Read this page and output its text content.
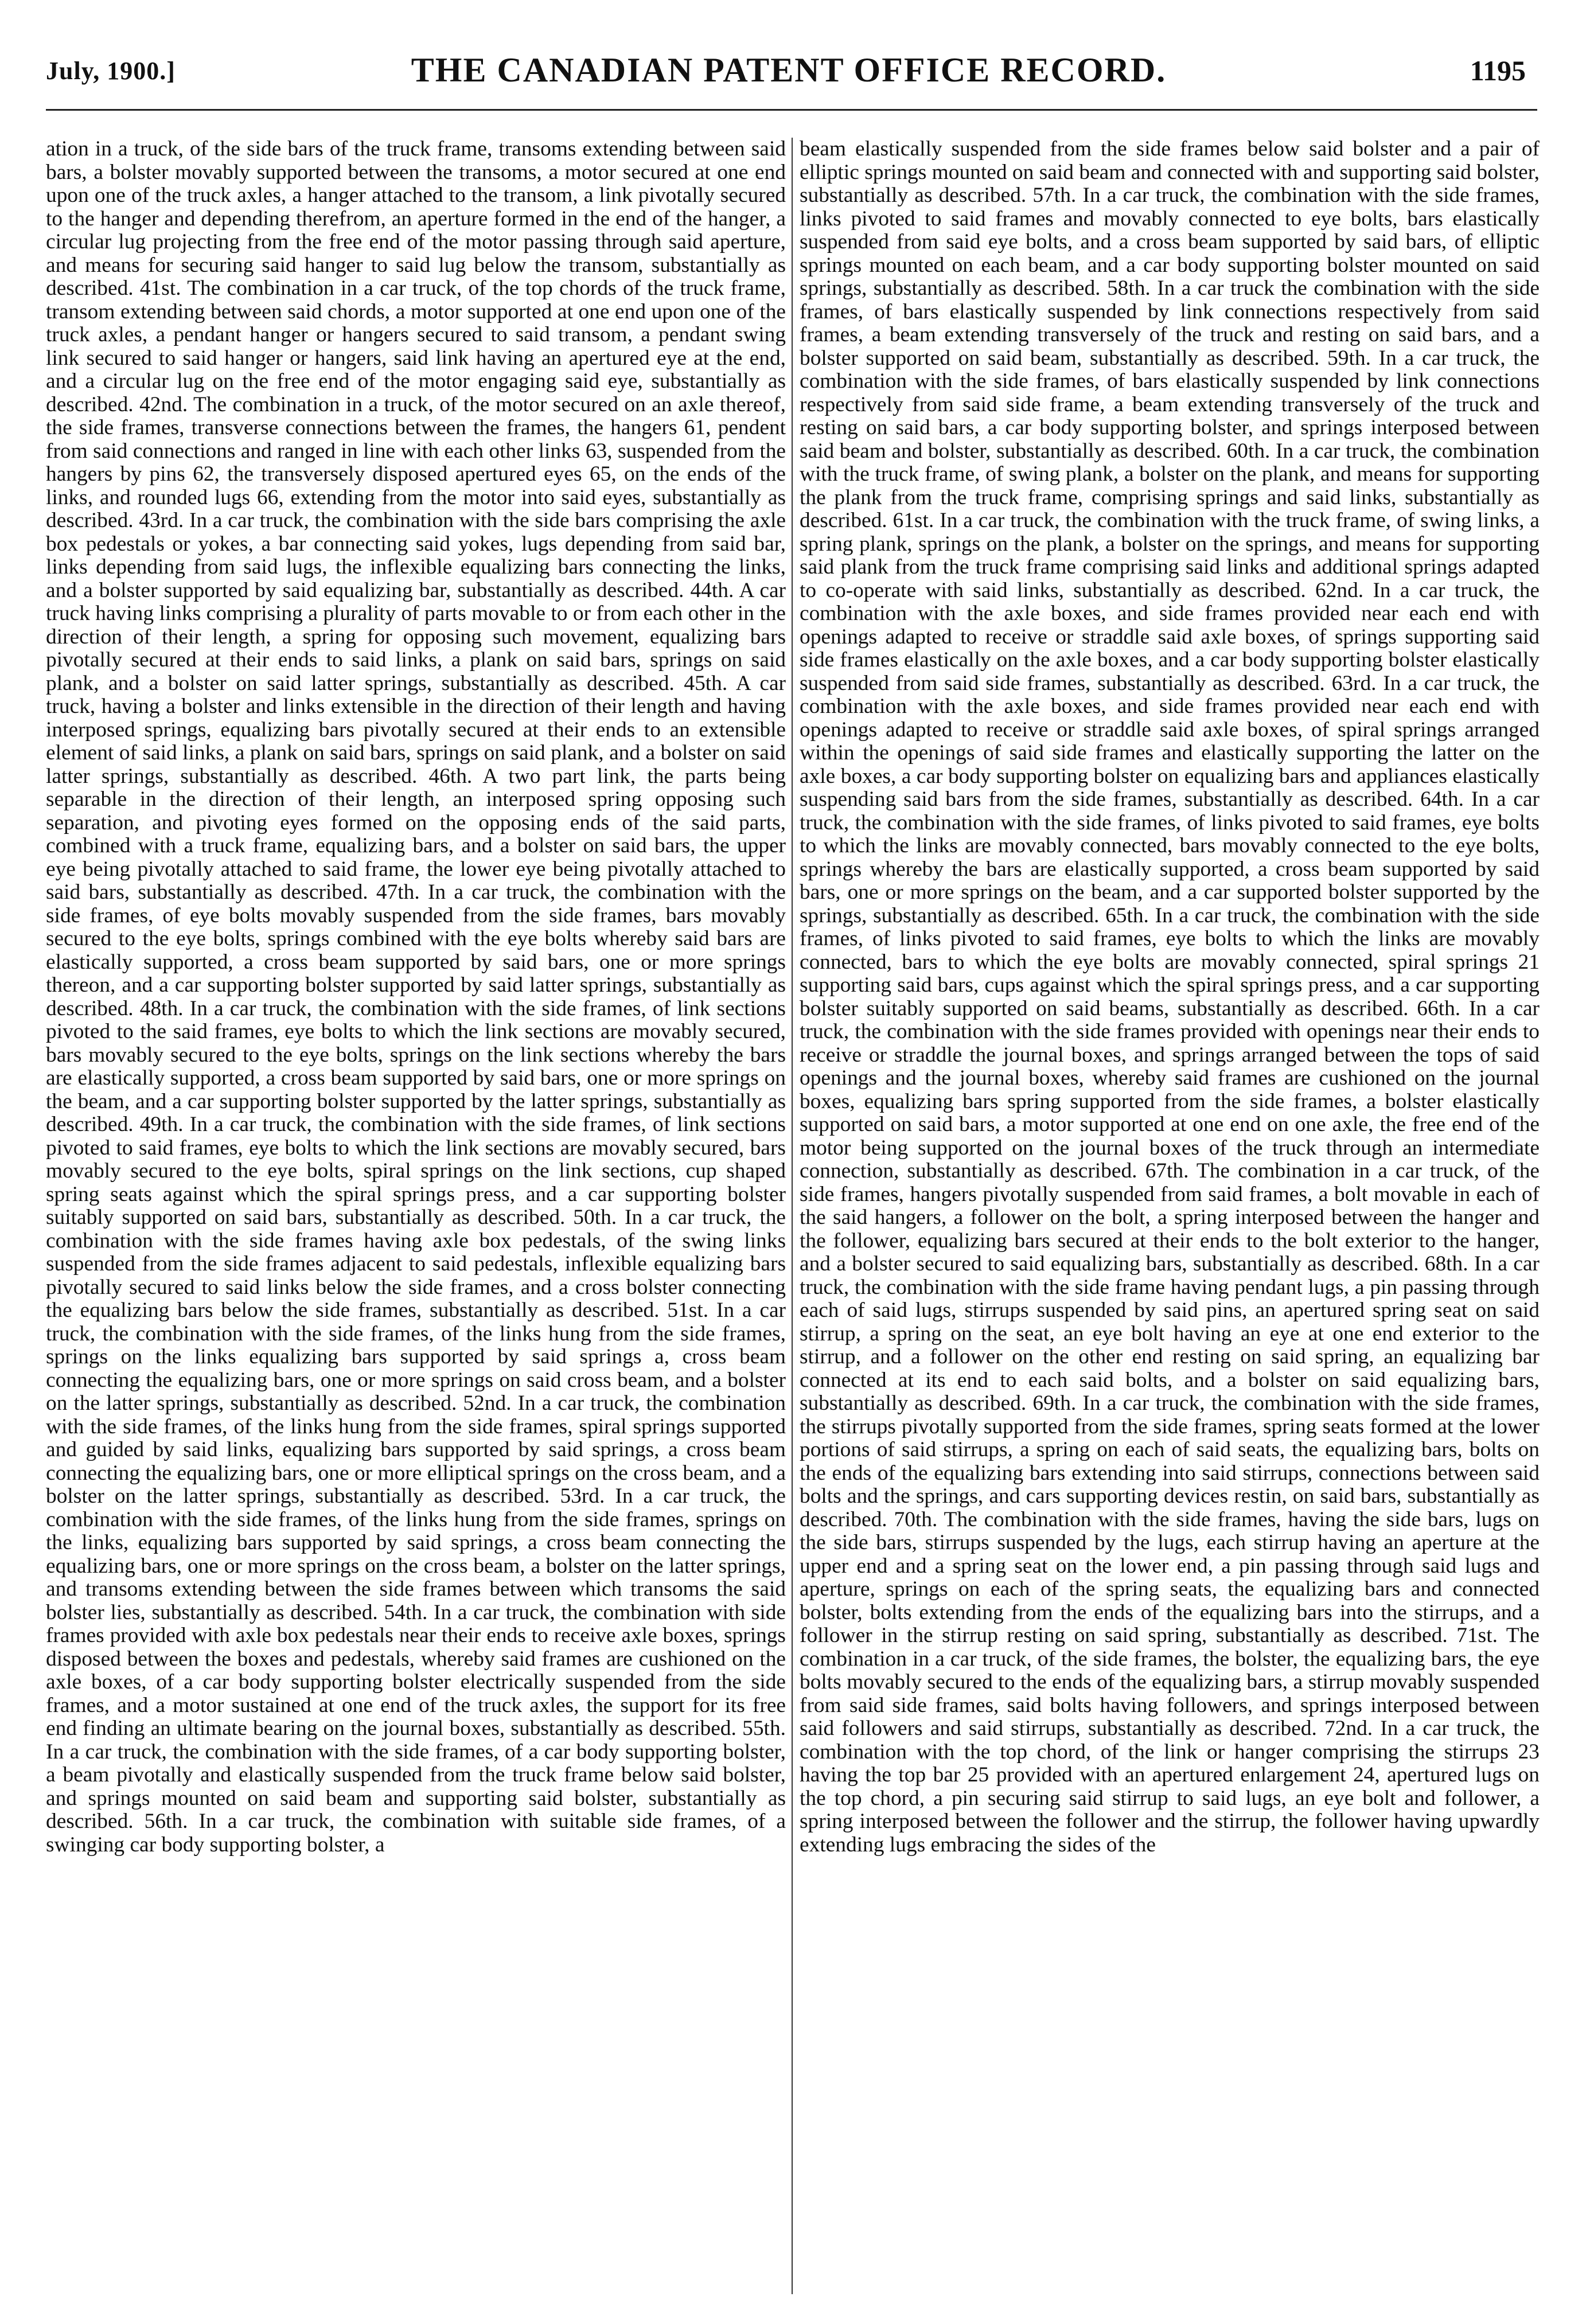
July, 1900.]	THE CANADIAN PATENT OFFICE RECORD.	1195

ation in a truck, of the side bars of the truck frame, transoms extending between said bars, a bolster movably supported between the transoms, a motor secured at one end upon one of the truck axles, a hanger attached to the transom, a link pivotally secured to the hanger and depending therefrom, an aperture formed in the end of the hanger, a circular lug projecting from the free end of the motor passing through said aperture, and means for securing said hanger to said lug below the transom, substantially as described. 41st. The combination in a car truck, of the top chords of the truck frame, transom extending between said chords, a motor supported at one end upon one of the truck axles, a pendant hanger or hangers secured to said transom, a pendant swing link secured to said hanger or hangers, said link having an apertured eye at the end, and a circular lug on the free end of the motor engaging said eye, substantially as described. 42nd. The combination in a truck, of the motor secured on an axle thereof, the side frames, transverse connections between the frames, the hangers 61, pendent from said connections and ranged in line with each other links 63, suspended from the hangers by pins 62, the transversely disposed apertured eyes 65, on the ends of the links, and rounded lugs 66, extending from the motor into said eyes, substantially as described. 43rd. In a car truck, the combination with the side bars comprising the axle box pedestals or yokes, a bar connecting said yokes, lugs depending from said bar, links depending from said lugs, the inflexible equalizing bars connecting the links, and a bolster supported by said equalizing bar, substantially as described. 44th. A car truck having links comprising a plurality of parts movable to or from each other in the direction of their length, a spring for opposing such movement, equalizing bars pivotally secured at their ends to said links, a plank on said bars, springs on said plank, and a bolster on said latter springs, substantially as described. 45th. A car truck, having a bolster and links extensible in the direction of their length and having interposed springs, equalizing bars pivotally secured at their ends to an extensible element of said links, a plank on said bars, springs on said plank, and a bolster on said latter springs, substantially as described. 46th. A two part link, the parts being separable in the direction of their length, an interposed spring opposing such separation, and pivoting eyes formed on the opposing ends of the said parts, combined with a truck frame, equalizing bars, and a bolster on said bars, the upper eye being pivotally attached to said frame, the lower eye being pivotally attached to said bars, substantially as described. 47th. In a car truck, the combination with the side frames, of eye bolts movably suspended from the side frames, bars movably secured to the eye bolts, springs combined with the eye bolts whereby said bars are elastically supported, a cross beam supported by said bars, one or more springs thereon, and a car supporting bolster supported by said latter springs, substantially as described. 48th. In a car truck, the combination with the side frames, of link sections pivoted to the said frames, eye bolts to which the link sections are movably secured, bars movably secured to the eye bolts, springs on the link sections whereby the bars are elastically supported, a cross beam supported by said bars, one or more springs on the beam, and a car supporting bolster supported by the latter springs, substantially as described. 49th. In a car truck, the combination with the side frames, of link sections pivoted to said frames, eye bolts to which the link sections are movably secured, bars movably secured to the eye bolts, spiral springs on the link sections, cup shaped spring seats against which the spiral springs press, and a car supporting bolster suitably supported on said bars, substantially as described. 50th. In a car truck, the combination with the side frames having axle box pedestals, of the swing links suspended from the side frames adjacent to said pedestals, inflexible equalizing bars pivotally secured to said links below the side frames, and a cross bolster connecting the equalizing bars below the side frames, substantially as described. 51st. In a car truck, the combination with the side frames, of the links hung from the side frames, springs on the links equalizing bars supported by said springs a, cross beam connecting the equalizing bars, one or more springs on said cross beam, and a bolster on the latter springs, substantially as described. 52nd. In a car truck, the combination with the side frames, of the links hung from the side frames, spiral springs supported and guided by said links, equalizing bars supported by said springs, a cross beam connecting the equalizing bars, one or more elliptical springs on the cross beam, and a bolster on the latter springs, substantially as described. 53rd. In a car truck, the combination with the side frames, of the links hung from the side frames, springs on the links, equalizing bars supported by said springs, a cross beam connecting the equalizing bars, one or more springs on the cross beam, a bolster on the latter springs, and transoms extending between the side frames between which transoms the said bolster lies, substantially as described. 54th. In a car truck, the combination with side frames provided with axle box pedestals near their ends to receive axle boxes, springs disposed between the boxes and pedestals, whereby said frames are cushioned on the axle boxes, of a car body supporting bolster electrically suspended from the side frames, and a motor sustained at one end of the truck axles, the support for its free end finding an ultimate bearing on the journal boxes, substantially as described. 55th. In a car truck, the combination with the side frames, of a car body supporting bolster, a beam pivotally and elastically suspended from the truck frame below said bolster, and springs mounted on said beam and supporting said bolster, substantially as described. 56th. In a car truck, the combination with suitable side frames, of a swinging car body supporting bolster, a

beam elastically suspended from the side frames below said bolster and a pair of elliptic springs mounted on said beam and connected with and supporting said bolster, substantially as described. 57th. In a car truck, the combination with the side frames, links pivoted to said frames and movably connected to eye bolts, bars elastically suspended from said eye bolts, and a cross beam supported by said bars, of elliptic springs mounted on each beam, and a car body supporting bolster mounted on said springs, substantially as described. 58th. In a car truck the combination with the side frames, of bars elastically suspended by link connections respectively from said frames, a beam extending transversely of the truck and resting on said bars, and a bolster supported on said beam, substantially as described. 59th. In a car truck, the combination with the side frames, of bars elastically suspended by link connections respectively from said side frame, a beam extending transversely of the truck and resting on said bars, a car body supporting bolster, and springs interposed between said beam and bolster, substantially as described. 60th. In a car truck, the combination with the truck frame, of swing plank, a bolster on the plank, and means for supporting the plank from the truck frame, comprising springs and said links, substantially as described. 61st. In a car truck, the combination with the truck frame, of swing links, a spring plank, springs on the plank, a bolster on the springs, and means for supporting said plank from the truck frame comprising said links and additional springs adapted to co-operate with said links, substantially as described. 62nd. In a car truck, the combination with the axle boxes, and side frames provided near each end with openings adapted to receive or straddle said axle boxes, of springs supporting said side frames elastically on the axle boxes, and a car body supporting bolster elastically suspended from said side frames, substantially as described. 63rd. In a car truck, the combination with the axle boxes, and side frames provided near each end with openings adapted to receive or straddle said axle boxes, of spiral springs arranged within the openings of said side frames and elastically supporting the latter on the axle boxes, a car body supporting bolster on equalizing bars and appliances elastically suspending said bars from the side frames, substantially as described. 64th. In a car truck, the combination with the side frames, of links pivoted to said frames, eye bolts to which the links are movably connected, bars movably connected to the eye bolts, springs whereby the bars are elastically supported, a cross beam supported by said bars, one or more springs on the beam, and a car supported bolster supported by the springs, substantially as described. 65th. In a car truck, the combination with the side frames, of links pivoted to said frames, eye bolts to which the links are movably connected, bars to which the eye bolts are movably connected, spiral springs 21 supporting said bars, cups against which the spiral springs press, and a car supporting bolster suitably supported on said beams, substantially as described. 66th. In a car truck, the combination with the side frames provided with openings near their ends to receive or straddle the journal boxes, and springs arranged between the tops of said openings and the journal boxes, whereby said frames are cushioned on the journal boxes, equalizing bars spring supported from the side frames, a bolster elastically supported on said bars, a motor supported at one end on one axle, the free end of the motor being supported on the journal boxes of the truck through an intermediate connection, substantially as described. 67th. The combination in a car truck, of the side frames, hangers pivotally suspended from said frames, a bolt movable in each of the said hangers, a follower on the bolt, a spring interposed between the hanger and the follower, equalizing bars secured at their ends to the bolt exterior to the hanger, and a bolster secured to said equalizing bars, substantially as described. 68th. In a car truck, the combination with the side frame having pendant lugs, a pin passing through each of said lugs, stirrups suspended by said pins, an apertured spring seat on said stirrup, a spring on the seat, an eye bolt having an eye at one end exterior to the stirrup, and a follower on the other end resting on said spring, an equalizing bar connected at its end to each said bolts, and a bolster on said equalizing bars, substantially as described. 69th. In a car truck, the combination with the side frames, the stirrups pivotally supported from the side frames, spring seats formed at the lower portions of said stirrups, a spring on each of said seats, the equalizing bars, bolts on the ends of the equalizing bars extending into said stirrups, connections between said bolts and the springs, and cars supporting devices restin, on said bars, substantially as described. 70th. The combination with the side frames, having the side bars, lugs on the side bars, stirrups suspended by the lugs, each stirrup having an aperture at the upper end and a spring seat on the lower end, a pin passing through said lugs and aperture, springs on each of the spring seats, the equalizing bars and connected bolster, bolts extending from the ends of the equalizing bars into the stirrups, and a follower in the stirrup resting on said spring, substantially as described. 71st. The combination in a car truck, of the side frames, the bolster, the equalizing bars, the eye bolts movably secured to the ends of the equalizing bars, a stirrup movably suspended from said side frames, said bolts having followers, and springs interposed between said followers and said stirrups, substantially as described. 72nd. In a car truck, the combination with the top chord, of the link or hanger comprising the stirrups 23 having the top bar 25 provided with an apertured enlargement 24, apertured lugs on the top chord, a pin securing said stirrup to said lugs, an eye bolt and follower, a spring interposed between the follower and the stirrup, the follower having upwardly extending lugs embracing the sides of the
